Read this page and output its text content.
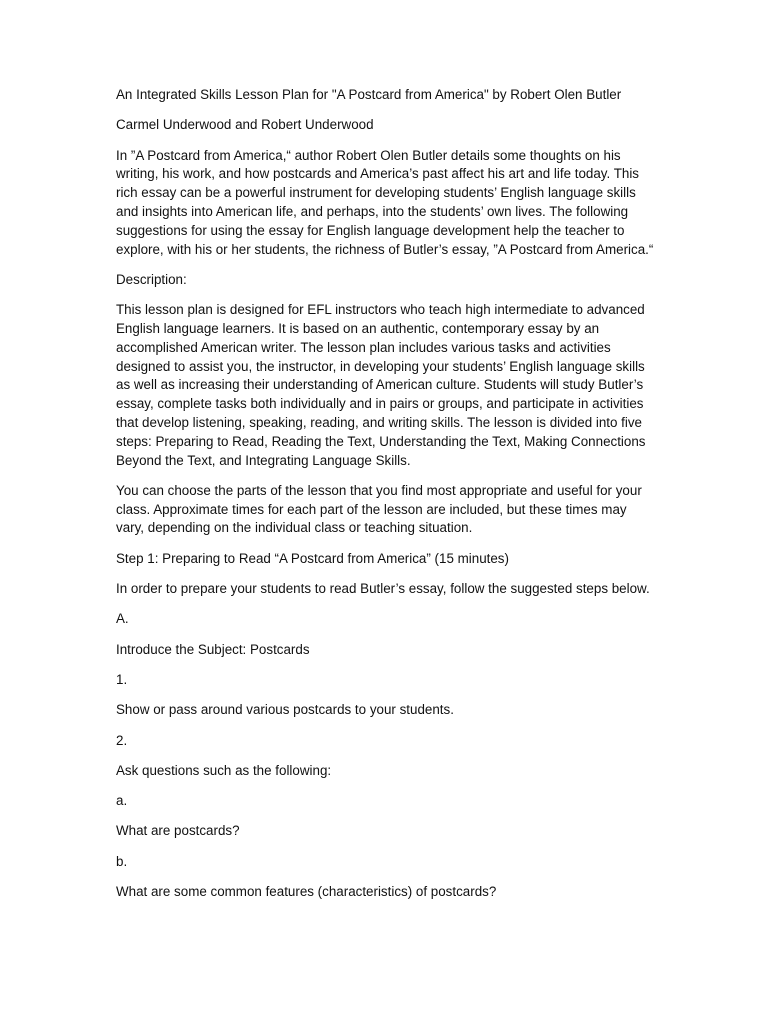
An Integrated Skills Lesson Plan for "A Postcard from America" by Robert Olen Butler

Carmel Underwood and Robert Underwood

In ”A Postcard from America,“ author Robert Olen Butler details some thoughts on his writing, his work, and how postcards and America’s past affect his art and life today. This rich essay can be a powerful instrument for developing students’ English language skills and insights into American life, and perhaps, into the students’ own lives. The following suggestions for using the essay for English language development help the teacher to explore, with his or her students, the richness of Butler’s essay, ”A Postcard from America.“

Description:

This lesson plan is designed for EFL instructors who teach high intermediate to advanced English language learners. It is based on an authentic, contemporary essay by an accomplished American writer. The lesson plan includes various tasks and activities designed to assist you, the instructor, in developing your students’ English language skills as well as increasing their understanding of American culture. Students will study Butler’s essay, complete tasks both individually and in pairs or groups, and participate in activities that develop listening, speaking, reading, and writing skills. The lesson is divided into five steps: Preparing to Read, Reading the Text, Understanding the Text, Making Connections Beyond the Text, and Integrating Language Skills.

You can choose the parts of the lesson that you find most appropriate and useful for your class. Approximate times for each part of the lesson are included, but these times may vary, depending on the individual class or teaching situation.

Step 1: Preparing to Read “A Postcard from America” (15 minutes)

In order to prepare your students to read Butler’s essay, follow the suggested steps below.

A.

Introduce the Subject: Postcards

1.

Show or pass around various postcards to your students.

2.

Ask questions such as the following:

a.

What are postcards?

b.

What are some common features (characteristics) of postcards?
